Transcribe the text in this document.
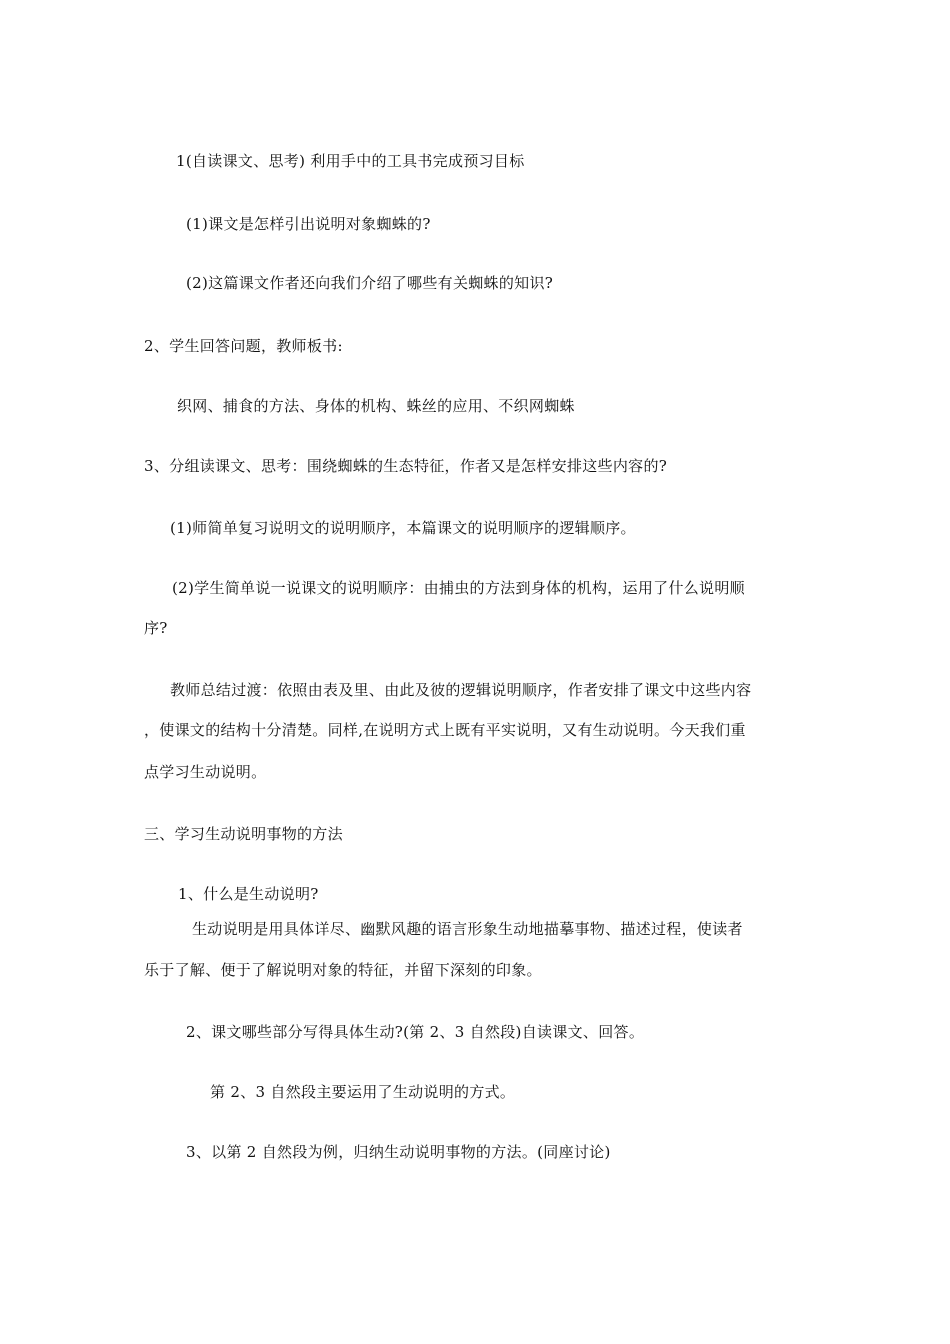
1(自读课文、思考) 利用手中的工具书完成预习目标
(1)课文是怎样引出说明对象蜘蛛的?
(2)这篇课文作者还向我们介绍了哪些有关蜘蛛的知识?
2、学生回答问题，教师板书:
织网、捕食的方法、身体的机构、蛛丝的应用、不织网蜘蛛
3、分组读课文、思考：围绕蜘蛛的生态特征，作者又是怎样安排这些内容的?
(1)师简单复习说明文的说明顺序，本篇课文的说明顺序的逻辑顺序。
(2)学生简单说一说课文的说明顺序：由捕虫的方法到身体的机构，运用了什么说明顺
序?
教师总结过渡：依照由表及里、由此及彼的逻辑说明顺序，作者安排了课文中这些内容
，使课文的结构十分清楚。同样,在说明方式上既有平实说明，又有生动说明。今天我们重
点学习生动说明。
三、学习生动说明事物的方法
1、什么是生动说明?
生动说明是用具体详尽、幽默风趣的语言形象生动地描摹事物、描述过程，使读者
乐于了解、便于了解说明对象的特征，并留下深刻的印象。
2、课文哪些部分写得具体生动?(第 2、3 自然段)自读课文、回答。
第 2、3 自然段主要运用了生动说明的方式。
3、以第 2 自然段为例，归纳生动说明事物的方法。(同座讨论)
